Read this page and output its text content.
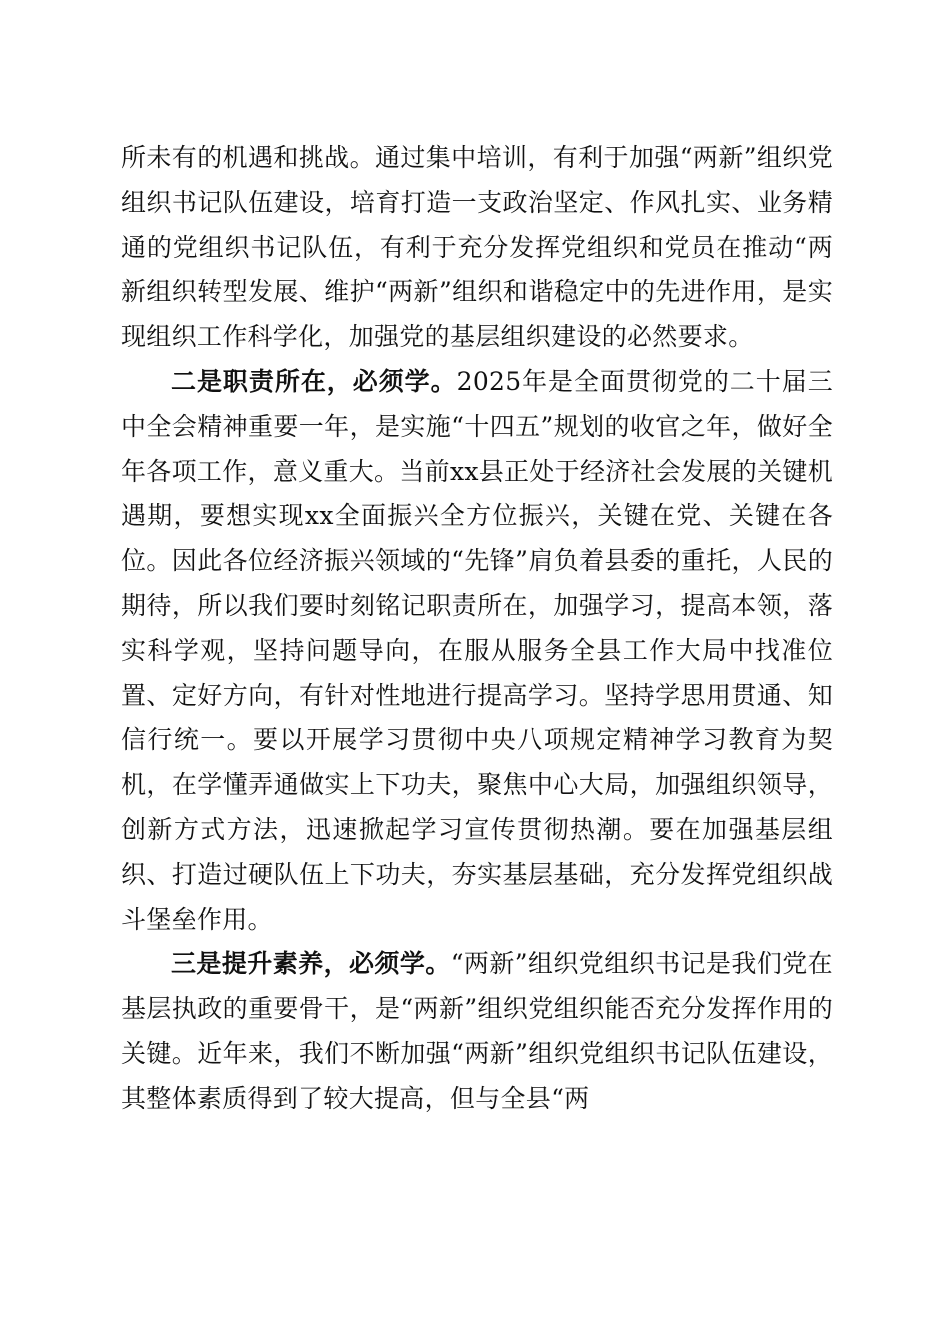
所未有的机遇和挑战。通过集中培训，有利于加强“两新”组织党组织书记队伍建设，培育打造一支政治坚定、作风扎实、业务精通的党组织书记队伍，有利于充分发挥党组织和党员在推动“两新组织转型发展、维护“两新”组织和谐稳定中的先进作用，是实现组织工作科学化，加强党的基层组织建设的必然要求。

二是职责所在，必须学。2025年是全面贯彻党的二十届三中全会精神重要一年，是实施“十四五”规划的收官之年，做好全年各项工作，意义重大。当前xx县正处于经济社会发展的关键机遇期，要想实现xx全面振兴全方位振兴，关键在党、关键在各位。因此各位经济振兴领域的“先锋”肩负着县委的重托，人民的期待，所以我们要时刻铭记职责所在，加强学习，提高本领，落实科学观，坚持问题导向，在服从服务全县工作大局中找准位置、定好方向，有针对性地进行提高学习。坚持学思用贯通、知信行统一。要以开展学习贯彻中央八项规定精神学习教育为契机，在学懂弄通做实上下功夫，聚焦中心大局，加强组织领导，创新方式方法，迅速掀起学习宣传贯彻热潮。要在加强基层组织、打造过硬队伍上下功夫，夯实基层基础，充分发挥党组织战斗堡垒作用。

三是提升素养，必须学。“两新”组织党组织书记是我们党在基层执政的重要骨干，是“两新”组织党组织能否充分发挥作用的关键。近年来，我们不断加强“两新”组织党组织书记队伍建设，其整体素质得到了较大提高，但与全县“两
